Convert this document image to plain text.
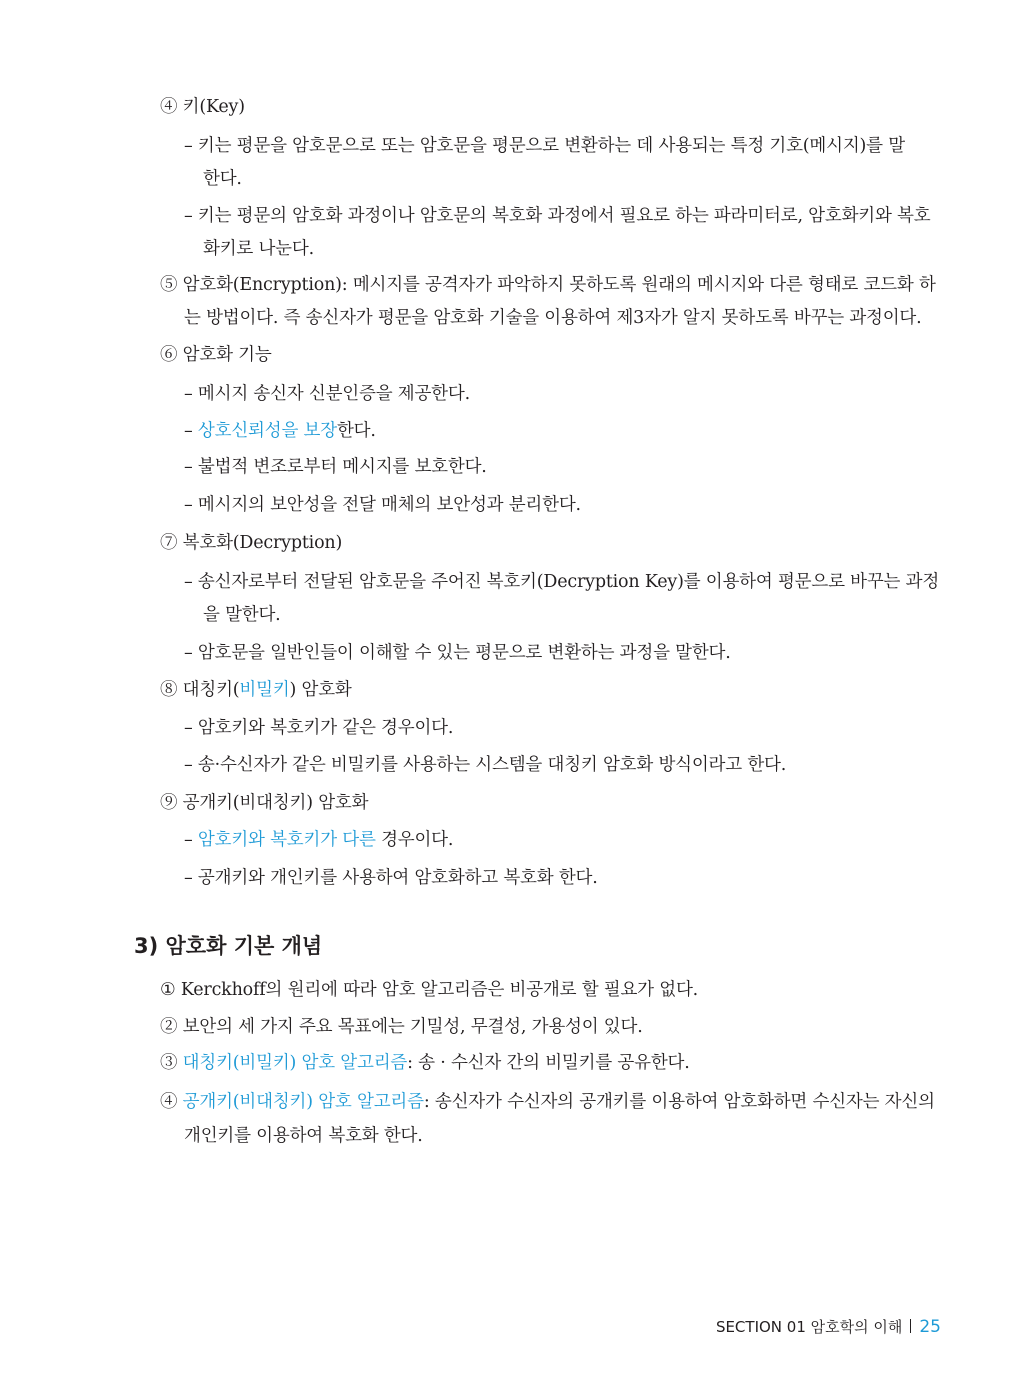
④ 키(Key)
– 키는 평문을 암호문으로 또는 암호문을 평문으로 변환하는 데 사용되는 특정 기호(메시지)를 말
한다.
– 키는 평문의 암호화 과정이나 암호문의 복호화 과정에서 필요로 하는 파라미터로, 암호화키와 복호
화키로 나눈다.
⑤ 암호화(Encryption): 메시지를 공격자가 파악하지 못하도록 원래의 메시지와 다른 형태로 코드화 하
는 방법이다. 즉 송신자가 평문을 암호화 기술을 이용하여 제3자가 알지 못하도록 바꾸는 과정이다.
⑥ 암호화 기능
– 메시지 송신자 신분인증을 제공한다.
– 상호신뢰성을 보장한다.
– 불법적 변조로부터 메시지를 보호한다.
– 메시지의 보안성을 전달 매체의 보안성과 분리한다.
⑦ 복호화(Decryption)
– 송신자로부터 전달된 암호문을 주어진 복호키(Decryption Key)를 이용하여 평문으로 바꾸는 과정
을 말한다.
– 암호문을 일반인들이 이해할 수 있는 평문으로 변환하는 과정을 말한다.
⑧ 대칭키(비밀키) 암호화
– 암호키와 복호키가 같은 경우이다.
– 송·수신자가 같은 비밀키를 사용하는 시스템을 대칭키 암호화 방식이라고 한다.
⑨ 공개키(비대칭키) 암호화
– 암호키와 복호키가 다른 경우이다.
– 공개키와 개인키를 사용하여 암호화하고 복호화 한다.
3) 암호화 기본 개념
① Kerckhoff의 원리에 따라 암호 알고리즘은 비공개로 할 필요가 없다.
② 보안의 세 가지 주요 목표에는 기밀성, 무결성, 가용성이 있다.
③ 대칭키(비밀키) 암호 알고리즘: 송 · 수신자 간의 비밀키를 공유한다.
④ 공개키(비대칭키) 암호 알고리즘: 송신자가 수신자의 공개키를 이용하여 암호화하면 수신자는 자신의
개인키를 이용하여 복호화 한다.
SECTION 01 암호학의 이해 25
